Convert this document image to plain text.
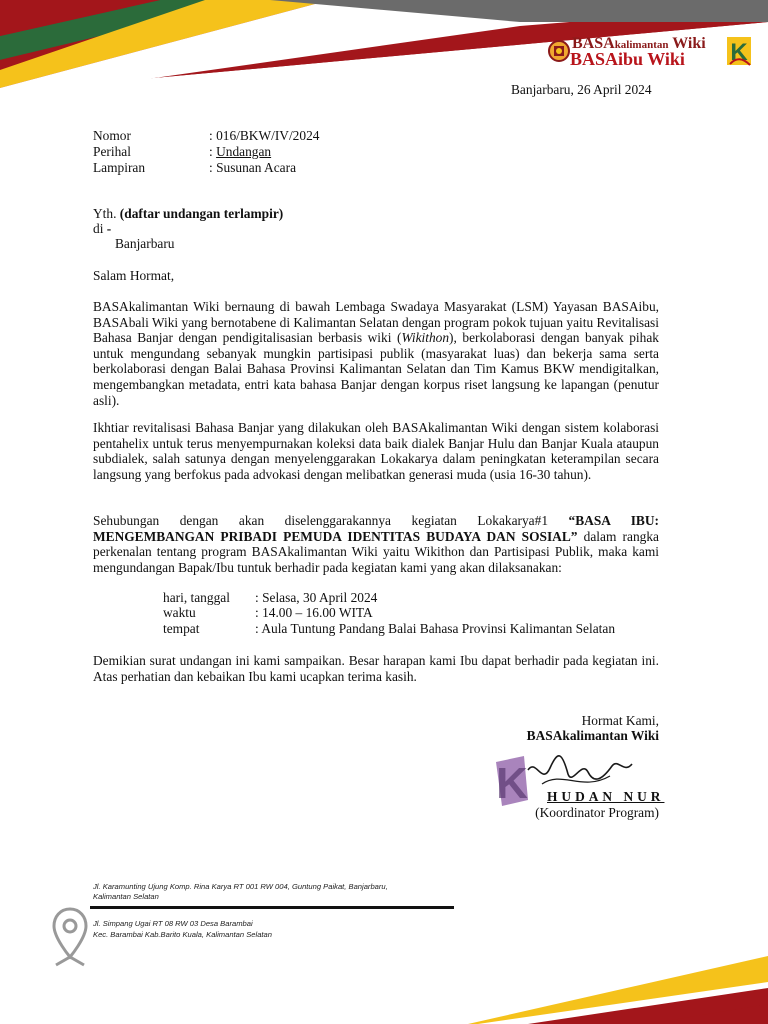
BASAkalimantan Wiki
BASAibu Wiki K
Banjarbaru, 26 April 2024
Nomor	: 016/BKW/IV/2024
Perihal	: Undangan
Lampiran	: Susunan Acara
Yth. (daftar undangan terlampir)
di -
Banjarbaru
Salam Hormat,
BASAkalimantan Wiki bernaung di bawah Lembaga Swadaya Masyarakat (LSM) Yayasan BASAibu, BASAbali Wiki yang bernotabene di Kalimantan Selatan dengan program pokok tujuan yaitu Revitalisasi Bahasa Banjar dengan pendigitalisasian berbasis wiki (Wikithon), berkolaborasi dengan banyak pihak untuk mengundang sebanyak mungkin partisipasi publik (masyarakat luas) dan bekerja sama serta berkolaborasi dengan Balai Bahasa Provinsi Kalimantan Selatan dan Tim Kamus BKW mendigitalkan, mengembangkan metadata, entri kata bahasa Banjar dengan korpus riset langsung ke lapangan (penutur asli).
Ikhtiar revitalisasi Bahasa Banjar yang dilakukan oleh BASAkalimantan Wiki dengan sistem kolaborasi pentahelix untuk terus menyempurnakan koleksi data baik dialek Banjar Hulu dan Banjar Kuala ataupun subdialek, salah satunya dengan menyelenggarakan Lokakarya dalam peningkatan keterampilan secara langsung yang berfokus pada advokasi dengan melibatkan generasi muda (usia 16-30 tahun).
Sehubungan dengan akan diselenggarakannya kegiatan Lokakarya#1 “BASA IBU: MENGEMBANGAN PRIBADI PEMUDA IDENTITAS BUDAYA DAN SOSIAL” dalam rangka perkenalan tentang program BASAkalimantan Wiki yaitu Wikithon dan Partisipasi Publik, maka kami mengundangan Bapak/Ibu tuntuk berhadir pada kegiatan kami yang akan dilaksanakan:
hari, tanggal : Selasa, 30 April 2024
waktu	: 14.00 – 16.00 WITA
tempat	: Aula Tuntung Pandang Balai Bahasa Provinsi Kalimantan Selatan
Demikian surat undangan ini kami sampaikan. Besar harapan kami Ibu dapat berhadir pada kegiatan ini. Atas perhatian dan kebaikan Ibu kami ucapkan terima kasih.
Hormat Kami,
BASAkalimantan Wiki
K HUDAN NUR
(Koordinator Program)
Jl. Karamunting Ujung Komp. Rina Karya RT 001 RW 004, Guntung Paikat, Banjarbaru,
Kalimantan Selatan
Jl. Simpang Ugai RT 08 RW 03 Desa Barambai
Kec. Barambai Kab.Barito Kuala, Kalimantan Selatan
